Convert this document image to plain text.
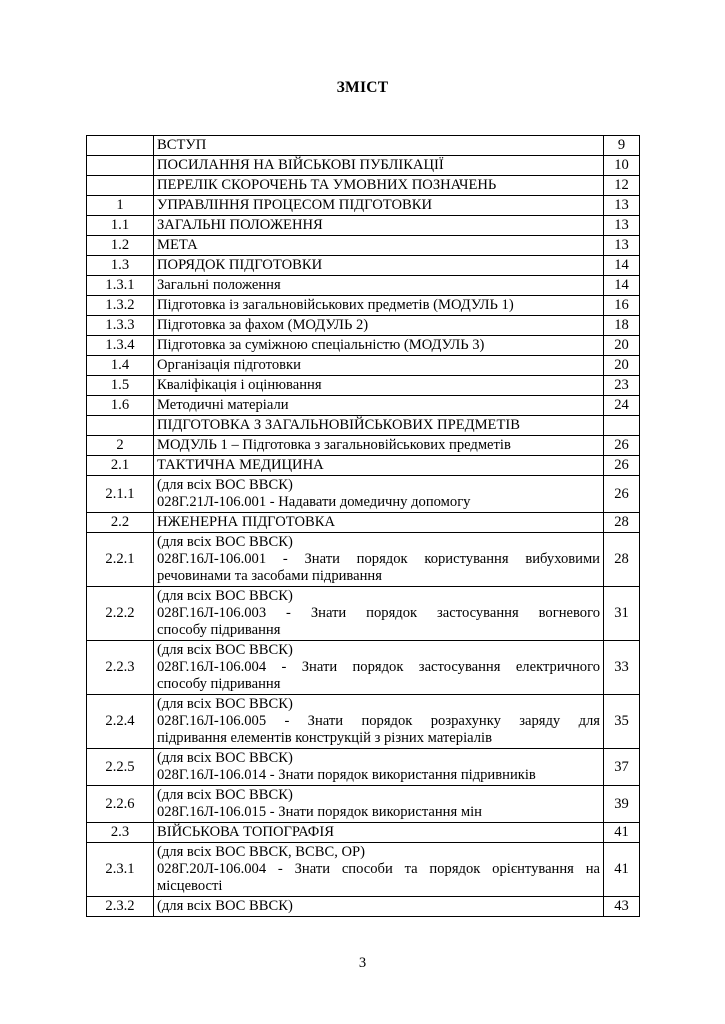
ЗМІСТ

	ВСТУП	9

	ПОСИЛАННЯ НА ВІЙСЬКОВІ ПУБЛІКАЦІЇ	10

	ПЕРЕЛІК СКОРОЧЕНЬ ТА УМОВНИХ ПОЗНАЧЕНЬ	12
1	УПРАВЛІННЯ ПРОЦЕСОМ ПІДГОТОВКИ	13
1.1	ЗАГАЛЬНІ ПОЛОЖЕННЯ	13
1.2	МЕТА	13
1.3	ПОРЯДОК ПІДГОТОВКИ	14
1.3.1	Загальні положення	14
1.3.2	Підготовка із загальновійськових предметів (МОДУЛЬ 1)	16
1.3.3	Підготовка за фахом (МОДУЛЬ 2)	18
1.3.4	Підготовка за суміжною спеціальністю (МОДУЛЬ 3)	20
1.4	Організація підготовки	20
1.5	Кваліфікація і оцінювання	23
1.6	Методичні матеріали	24

	ПІДГОТОВКА З ЗАГАЛЬНОВІЙСЬКОВИХ ПРЕДМЕТІВ	

2	МОДУЛЬ 1 – Підготовка з загальновійськових предметів	26
2.1	ТАКТИЧНА МЕДИЦИНА	26
2.1.1	(для всіх ВОС ВВСК)
028Г.21Л-106.001 - Надавати домедичну допомогу	26
2.2	НЖЕНЕРНА ПІДГОТОВКА	28
2.2.1	(для всіх ВОС ВВСК)
028Г.16Л-106.001 - Знати порядок користування вибуховими
речовинами та засобами підривання	28
2.2.2	(для всіх ВОС ВВСК)
028Г.16Л-106.003 - Знати порядок застосування вогневого
способу підривання	31
2.2.3	(для всіх ВОС ВВСК)
028Г.16Л-106.004 - Знати порядок застосування електричного
способу підривання	33
2.2.4	(для всіх ВОС ВВСК)
028Г.16Л-106.005 - Знати порядок розрахунку заряду для
підривання елементів конструкцій з різних матеріалів	35
2.2.5	(для всіх ВОС ВВСК)
028Г.16Л-106.014 - Знати порядок використання підривників	37
2.2.6	(для всіх ВОС ВВСК)
028Г.16Л-106.015 - Знати порядок використання мін	39
2.3	ВІЙСЬКОВА ТОПОГРАФІЯ	41
2.3.1	(для всіх ВОС ВВСК, ВСВС, ОР)
028Г.20Л-106.004 - Знати способи та порядок орієнтування на
місцевості	41
2.3.2	(для всіх ВОС ВВСК)	43
3
